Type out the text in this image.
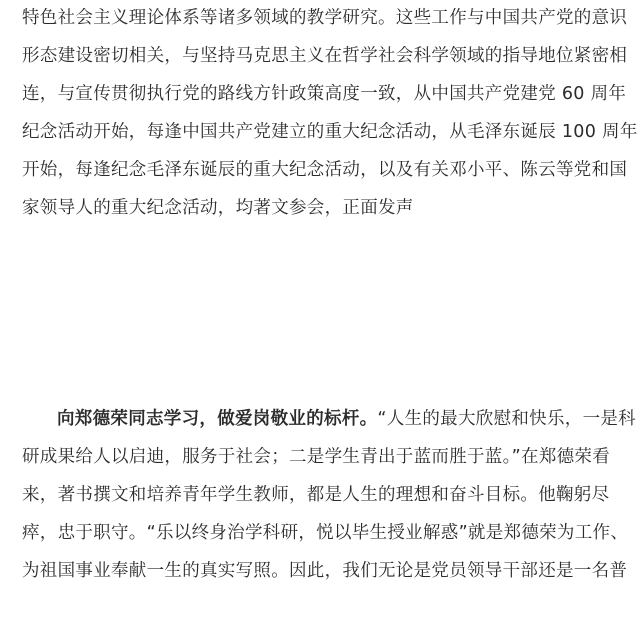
特色社会主义理论体系等诸多领域的教学研究。这些工作与中国共产党的意识
形态建设密切相关，与坚持马克思主义在哲学社会科学领域的指导地位紧密相
连，与宣传贯彻执行党的路线方针政策高度一致，从中国共产党建党 60 周年
纪念活动开始，每逢中国共产党建立的重大纪念活动，从毛泽东诞辰 100 周年
开始，每逢纪念毛泽东诞辰的重大纪念活动，以及有关邓小平、陈云等党和国
家领导人的重大纪念活动，均著文参会，正面发声
向郑德荣同志学习，做爱岗敬业的标杆。“人生的最大欣慰和快乐，一是科
研成果给人以启迪，服务于社会；二是学生青出于蓝而胜于蓝。”在郑德荣看
来，著书撰文和培养青年学生教师，都是人生的理想和奋斗目标。他鞠躬尽
瘁，忠于职守。“乐以终身治学科研，悦以毕生授业解惑”就是郑德荣为工作、
为祖国事业奉献一生的真实写照。因此，我们无论是党员领导干部还是一名普
